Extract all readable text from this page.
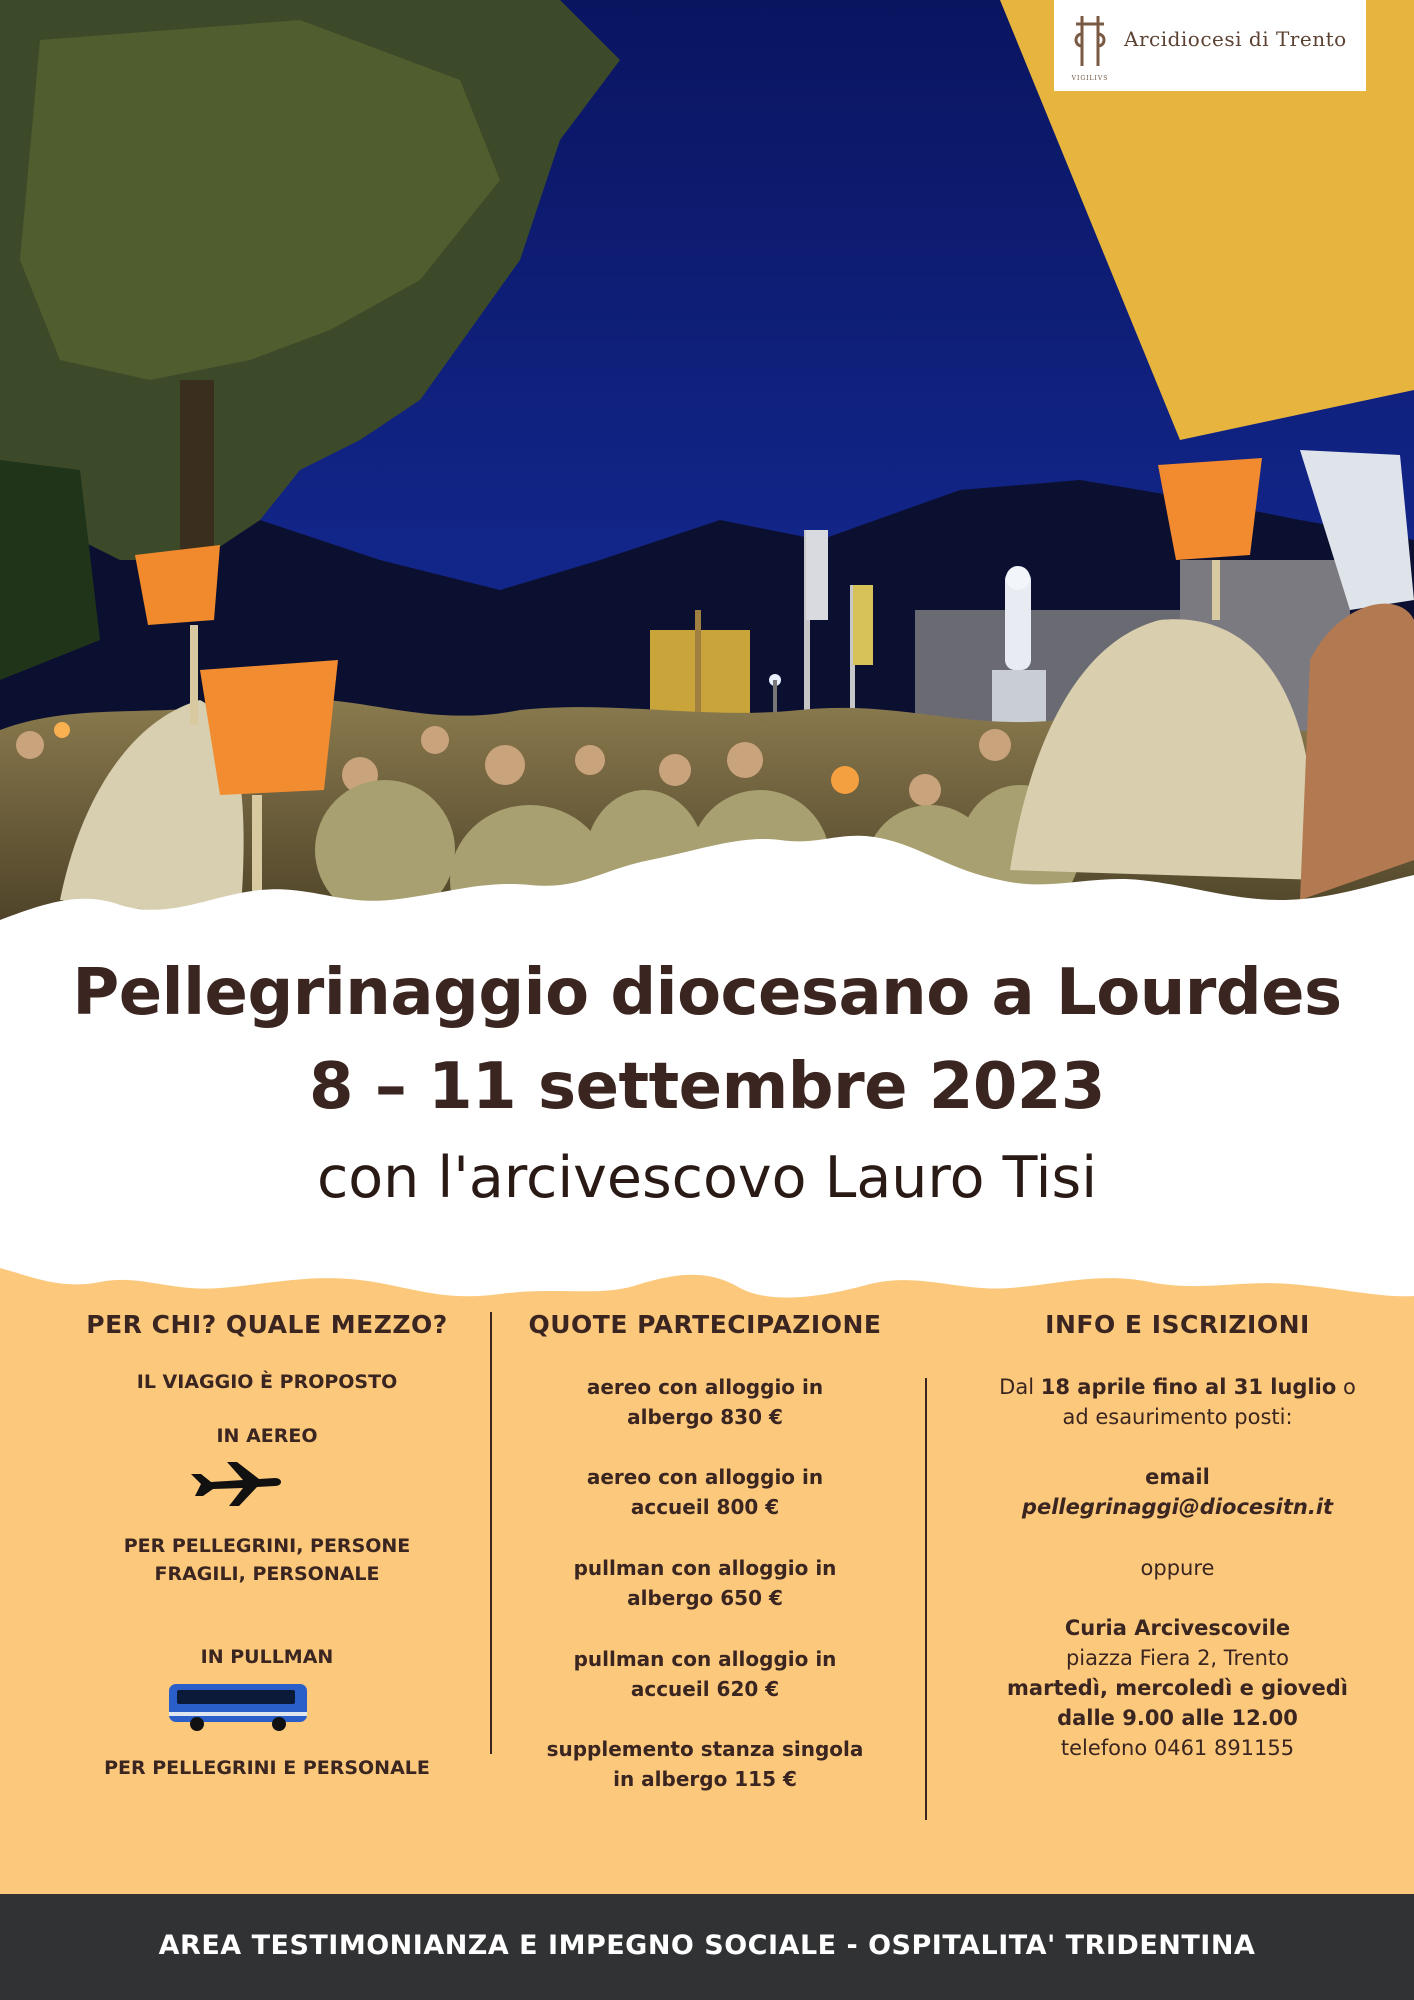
VIGILIVS
Arcidiocesi di Trento
Pellegrinaggio diocesano a Lourdes
8 – 11 settembre 2023
con l'arcivescovo Lauro Tisi
PER CHI? QUALE MEZZO?
IL VIAGGIO È PROPOSTO
IN AEREO
PER PELLEGRINI, PERSONE
FRAGILI, PERSONALE
IN PULLMAN
PER PELLEGRINI E PERSONALE
QUOTE PARTECIPAZIONE
aereo con alloggio in
albergo 830 €
aereo con alloggio in
accueil 800 €
pullman con alloggio in
albergo 650 €
pullman con alloggio in
accueil 620 €
supplemento stanza singola
in albergo 115 €
INFO E ISCRIZIONI
Dal 18 aprile fino al 31 luglio o
ad esaurimento posti:
email
pellegrinaggi@diocesitn.it
oppure
Curia Arcivescovile
piazza Fiera 2, Trento
martedì, mercoledì e giovedì
dalle 9.00 alle 12.00
telefono 0461 891155
AREA TESTIMONIANZA E IMPEGNO SOCIALE - OSPITALITA' TRIDENTINA
